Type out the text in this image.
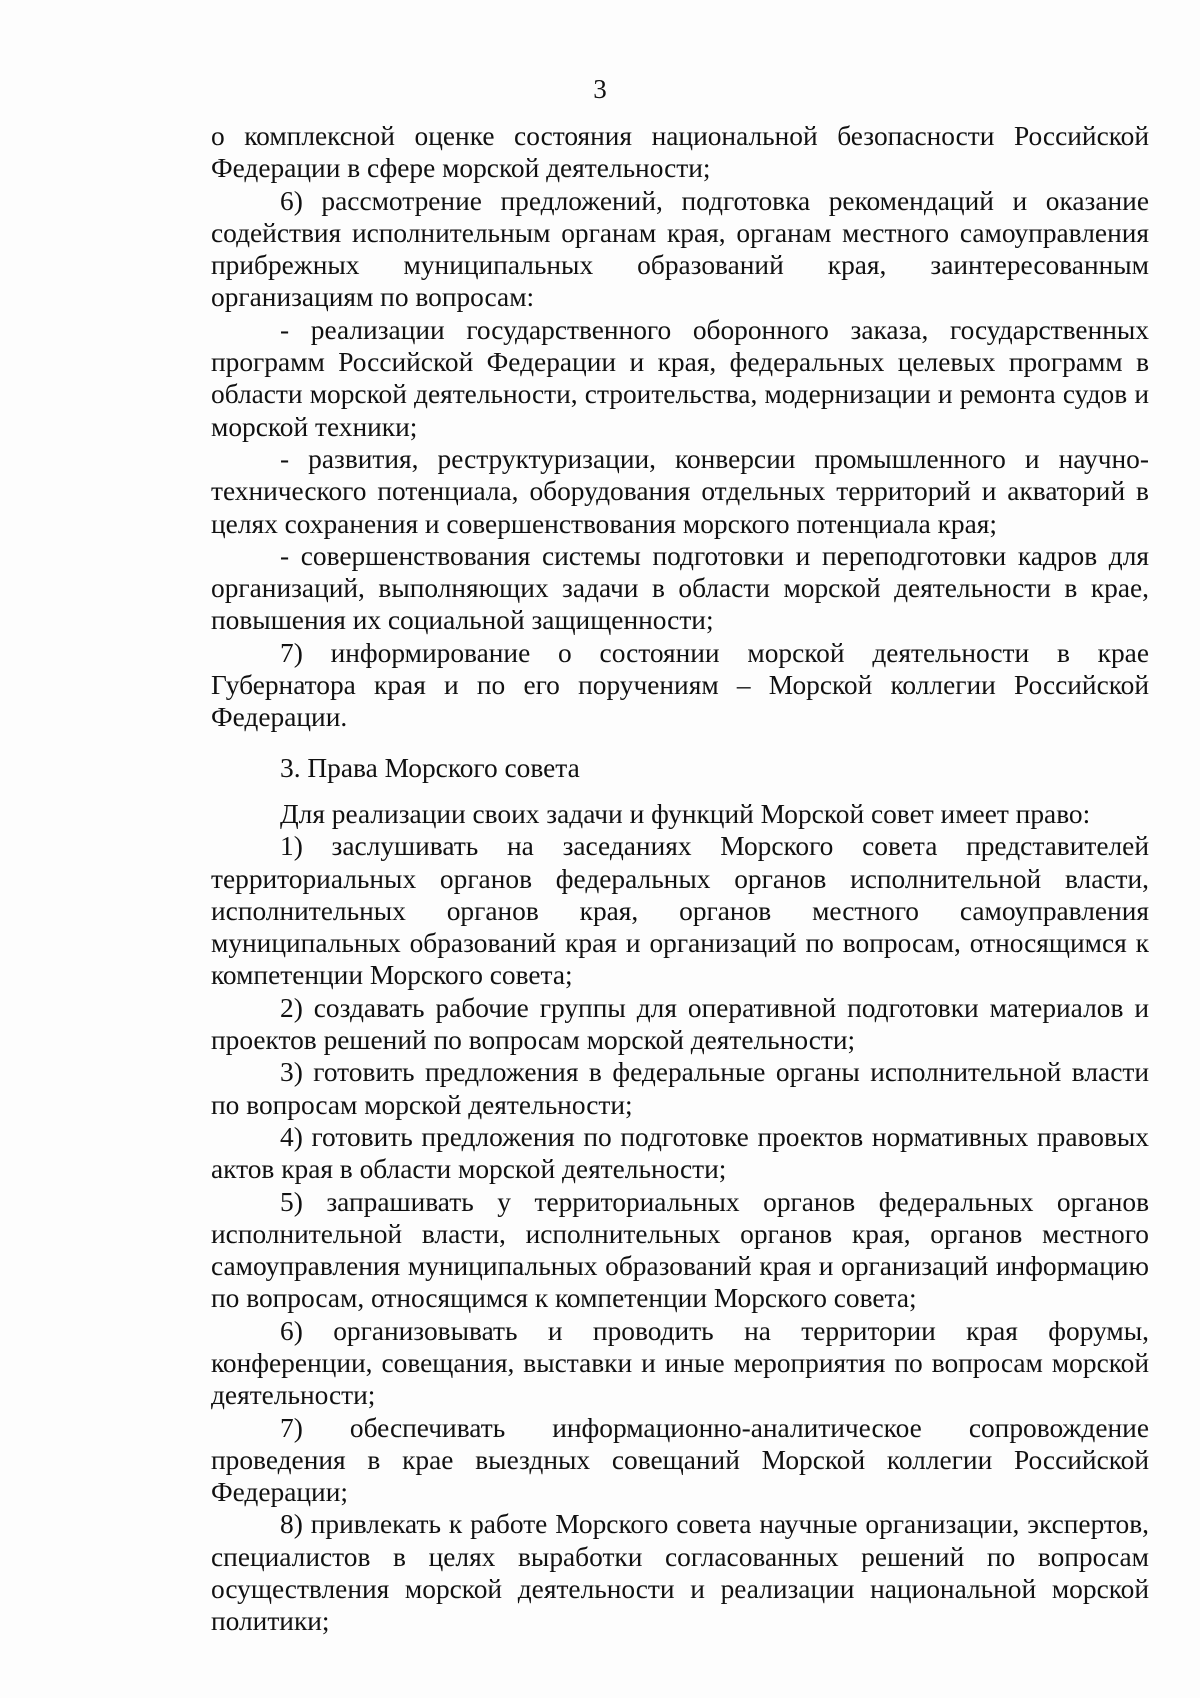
3

о комплексной оценке состояния национальной безопасности Российской Федерации в сфере морской деятельности;

6) рассмотрение предложений, подготовка рекомендаций и оказание содействия исполнительным органам края, органам местного самоуправления прибрежных муниципальных образований края, заинтересованным организациям по вопросам:

- реализации государственного оборонного заказа, государственных программ Российской Федерации и края, федеральных целевых программ в области морской деятельности, строительства, модернизации и ремонта судов и морской техники;

- развития, реструктуризации, конверсии промышленного и научно-технического потенциала, оборудования отдельных территорий и акваторий в целях сохранения и совершенствования морского потенциала края;

- совершенствования системы подготовки и переподготовки кадров для организаций, выполняющих задачи в области морской деятельности в крае, повышения их социальной защищенности;

7) информирование о состоянии морской деятельности в крае Губернатора края и по его поручениям – Морской коллегии Российской Федерации.

3. Права Морского совета

Для реализации своих задачи и функций Морской совет имеет право:

1) заслушивать на заседаниях Морского совета представителей территориальных органов федеральных органов исполнительной власти, исполнительных органов края, органов местного самоуправления муниципальных образований края и организаций по вопросам, относящимся к компетенции Морского совета;

2) создавать рабочие группы для оперативной подготовки материалов и проектов решений по вопросам морской деятельности;

3) готовить предложения в федеральные органы исполнительной власти по вопросам морской деятельности;

4) готовить предложения по подготовке проектов нормативных правовых актов края в области морской деятельности;

5) запрашивать у территориальных органов федеральных органов исполнительной власти, исполнительных органов края, органов местного самоуправления муниципальных образований края и организаций информацию по вопросам, относящимся к компетенции Морского совета;

6) организовывать и проводить на территории края форумы, конференции, совещания, выставки и иные мероприятия по вопросам морской деятельности;

7) обеспечивать информационно-аналитическое сопровождение проведения в крае выездных совещаний Морской коллегии Российской Федерации;

8) привлекать к работе Морского совета научные организации, экспертов, специалистов в целях выработки согласованных решений по вопросам осуществления морской деятельности и реализации национальной морской политики;
